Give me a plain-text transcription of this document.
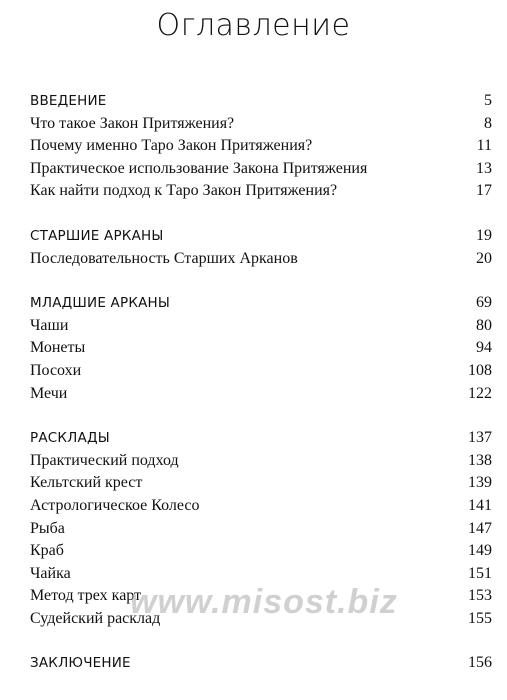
Оглавление
ВВЕДЕНИЕ	5
Что такое Закон Притяжения?	8
Почему именно Таро Закон Притяжения?	11
Практическое использование Закона Притяжения	13
Как найти подход к Таро Закон Притяжения?	17
СТАРШИЕ АРКАНЫ	19
Последовательность Старших Арканов	20
МЛАДШИЕ АРКАНЫ	69
Чаши	80
Монеты	94
Посохи	108
Мечи	122
РАСКЛАДЫ	137
Практический подход	138
Кельтский крест	139
Астрологическое Колесо	141
Рыба	147
Краб	149
Чайка	151
Метод трех карт	153
Судейский расклад	155
ЗАКЛЮЧЕНИЕ	156
www.misost.biz
